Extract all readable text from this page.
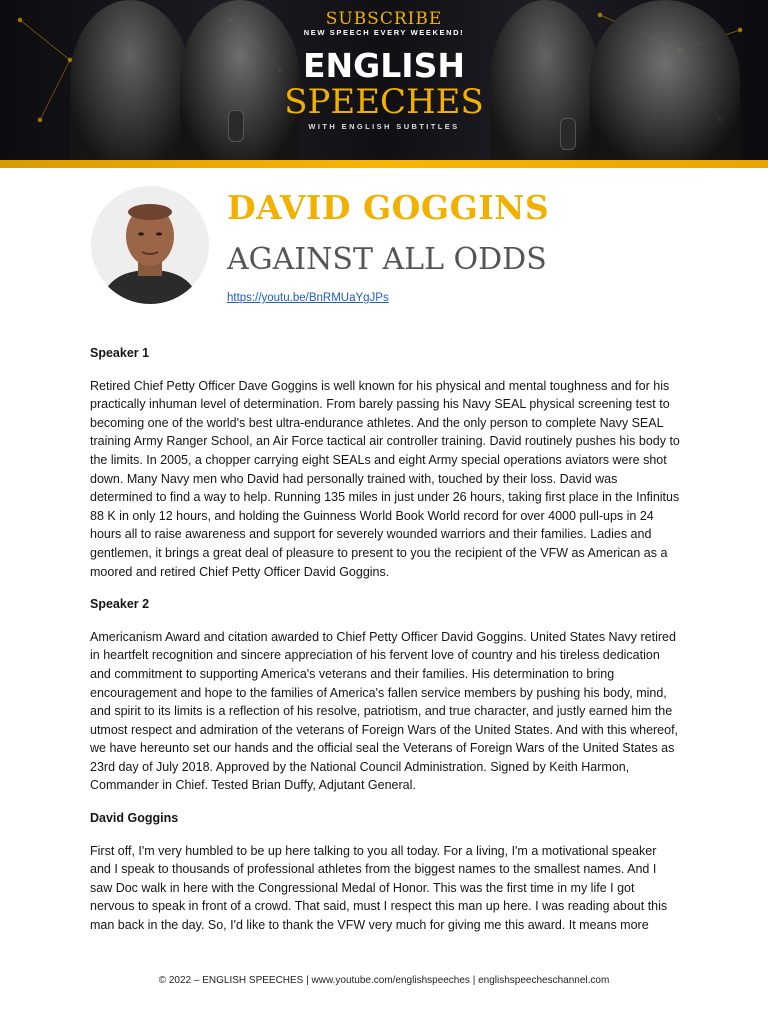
SUBSCRIBE
NEW SPEECH EVERY WEEKEND!
ENGLISH
SPEECHES
WITH ENGLISH SUBTITLES
DAVID GOGGINS
AGAINST ALL ODDS
https://youtu.be/BnRMUaYgJPs
Speaker 1
Retired Chief Petty Officer Dave Goggins is well known for his physical and mental toughness and for his practically inhuman level of determination. From barely passing his Navy SEAL physical screening test to becoming one of the world's best ultra-endurance athletes. And the only person to complete Navy SEAL training Army Ranger School, an Air Force tactical air controller training. David routinely pushes his body to the limits. In 2005, a chopper carrying eight SEALs and eight Army special operations aviators were shot down. Many Navy men who David had personally trained with, touched by their loss. David was determined to find a way to help. Running 135 miles in just under 26 hours, taking first place in the Infinitus 88 K in only 12 hours, and holding the Guinness World Book World record for over 4000 pull-ups in 24 hours all to raise awareness and support for severely wounded warriors and their families. Ladies and gentlemen, it brings a great deal of pleasure to present to you the recipient of the VFW as American as a moored and retired Chief Petty Officer David Goggins.
Speaker 2
Americanism Award and citation awarded to Chief Petty Officer David Goggins. United States Navy retired in heartfelt recognition and sincere appreciation of his fervent love of country and his tireless dedication and commitment to supporting America's veterans and their families. His determination to bring encouragement and hope to the families of America's fallen service members by pushing his body, mind, and spirit to its limits is a reflection of his resolve, patriotism, and true character, and justly earned him the utmost respect and admiration of the veterans of Foreign Wars of the United States. And with this whereof, we have hereunto set our hands and the official seal the Veterans of Foreign Wars of the United States as 23rd day of July 2018. Approved by the National Council Administration. Signed by Keith Harmon, Commander in Chief. Tested Brian Duffy, Adjutant General.
David Goggins
First off, I'm very humbled to be up here talking to you all today. For a living, I'm a motivational speaker and I speak to thousands of professional athletes from the biggest names to the smallest names. And I saw Doc walk in here with the Congressional Medal of Honor. This was the first time in my life I got nervous to speak in front of a crowd. That said, must I respect this man up here. I was reading about this man back in the day. So, I'd like to thank the VFW very much for giving me this award. It means more
© 2022 – ENGLISH SPEECHES | www.youtube.com/englishspeeches | englishspeecheschannel.com
